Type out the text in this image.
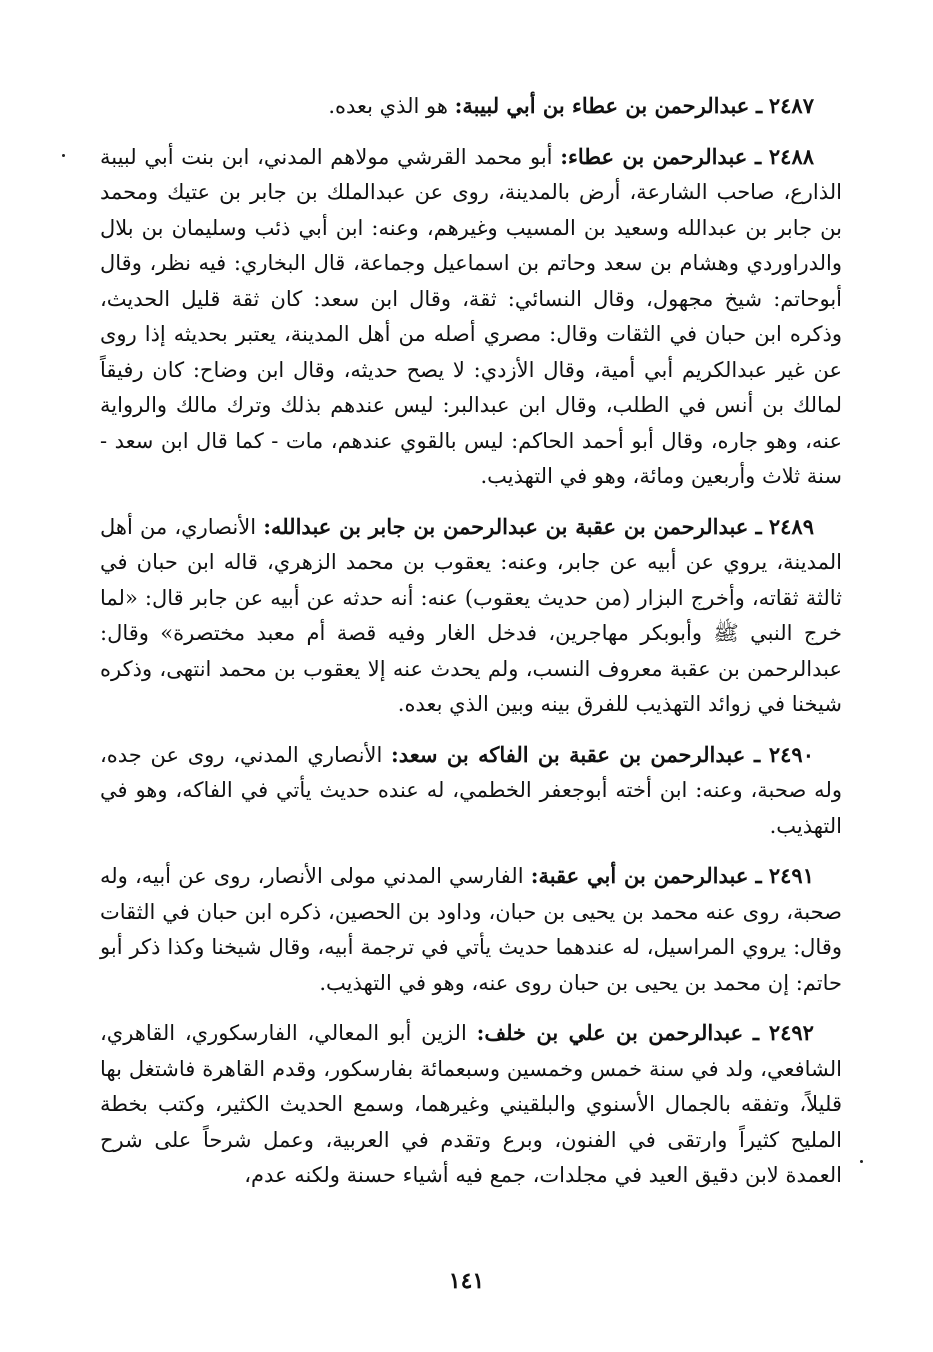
٢٤٨٧ ـ عبدالرحمن بن عطاء بن أبي لبيبة: هو الذي بعده.

٢٤٨٨ ـ عبدالرحمن بن عطاء: أبو محمد القرشي مولاهم المدني، ابن بنت أبي لبيبة الذارع، صاحب الشارعة، أرض بالمدينة، روى عن عبدالملك بن جابر بن عتيك ومحمد بن جابر بن عبدالله وسعيد بن المسيب وغيرهم، وعنه: ابن أبي ذئب وسليمان بن بلال والدراوردي وهشام بن سعد وحاتم بن اسماعيل وجماعة، قال البخاري: فيه نظر، وقال أبوحاتم: شيخ مجهول، وقال النسائي: ثقة، وقال ابن سعد: كان ثقة قليل الحديث، وذكره ابن حبان في الثقات وقال: مصري أصله من أهل المدينة، يعتبر بحديثه إذا روى عن غير عبدالكريم أبي أمية، وقال الأزدي: لا يصح حديثه، وقال ابن وضاح: كان رفيقاً لمالك بن أنس في الطلب، وقال ابن عبدالبر: ليس عندهم بذلك وترك مالك والرواية عنه، وهو جاره، وقال أبو أحمد الحاكم: ليس بالقوي عندهم، مات - كما قال ابن سعد - سنة ثلاث وأربعين ومائة، وهو في التهذيب.

٢٤٨٩ ـ عبدالرحمن بن عقبة بن عبدالرحمن بن جابر بن عبدالله: الأنصاري، من أهل المدينة، يروي عن أبيه عن جابر، وعنه: يعقوب بن محمد الزهري، قاله ابن حبان في ثالثة ثقاته، وأخرج البزار (من حديث يعقوب) عنه: أنه حدثه عن أبيه عن جابر قال: «لما خرج النبي ﷺ وأبوبكر مهاجرين، فدخل الغار وفيه قصة أم معبد مختصرة» وقال: عبدالرحمن بن عقبة معروف النسب، ولم يحدث عنه إلا يعقوب بن محمد انتهى، وذكره شيخنا في زوائد التهذيب للفرق بينه وبين الذي بعده.

٢٤٩٠ ـ عبدالرحمن بن عقبة بن الفاكه بن سعد: الأنصاري المدني، روى عن جده، وله صحبة، وعنه: ابن أخته أبوجعفر الخطمي، له عنده حديث يأتي في الفاكه، وهو في التهذيب.

٢٤٩١ ـ عبدالرحمن بن أبي عقبة: الفارسي المدني مولى الأنصار، روى عن أبيه، وله صحبة، روى عنه محمد بن يحيى بن حبان، وداود بن الحصين، ذكره ابن حبان في الثقات وقال: يروي المراسيل، له عندهما حديث يأتي في ترجمة أبيه، وقال شيخنا وكذا ذكر أبو حاتم: إن محمد بن يحيى بن حبان روى عنه، وهو في التهذيب.

٢٤٩٢ ـ عبدالرحمن بن علي بن خلف: الزين أبو المعالي، الفارسكوري، القاهري، الشافعي، ولد في سنة خمس وخمسين وسبعمائة بفارسكور، وقدم القاهرة فاشتغل بها قليلاً، وتفقه بالجمال الأسنوي والبلقيني وغيرهما، وسمع الحديث الكثير، وكتب بخطة المليح كثيراً وارتقى في الفنون، وبرع وتقدم في العربية، وعمل شرحاً على شرح العمدة لابن دقيق العيد في مجلدات، جمع فيه أشياء حسنة ولكنه عدم،

١٤١
